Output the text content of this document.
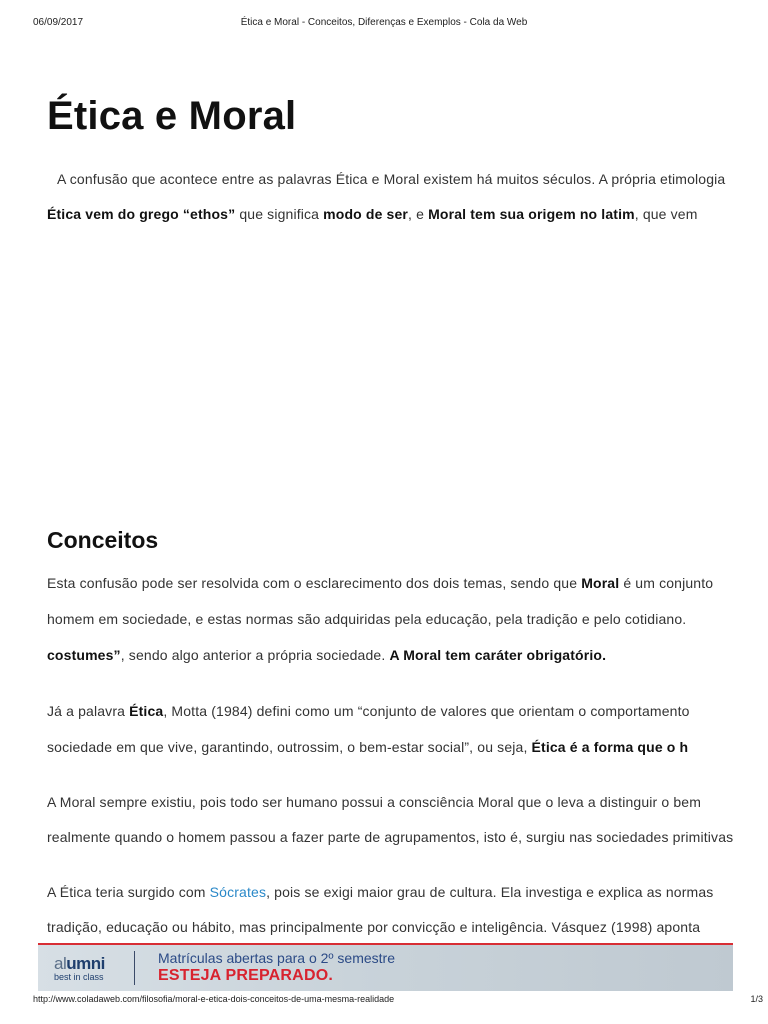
06/09/2017	Ética e Moral - Conceitos, Diferenças e Exemplos - Cola da Web
Ética e Moral

A confusão que acontece entre as palavras Ética e Moral existem há muitos séculos. A própria etimologia

Ética vem do grego “ethos” que significa modo de ser, e Moral tem sua origem no latim, que vem

Conceitos

Esta confusão pode ser resolvida com o esclarecimento dos dois temas, sendo que Moral é um conjunto

homem em sociedade, e estas normas são adquiridas pela educação, pela tradição e pelo cotidiano.

costumes”, sendo algo anterior a própria sociedade. A Moral tem caráter obrigatório.

Já a palavra Ética, Motta (1984) defini como um “conjunto de valores que orientam o comportamento

sociedade em que vive, garantindo, outrossim, o bem-estar social”, ou seja, Ética é a forma que o h

A Moral sempre existiu, pois todo ser humano possui a consciência Moral que o leva a distinguir o bem

realmente quando o homem passou a fazer parte de agrupamentos, isto é, surgiu nas sociedades primitivas

A Ética teria surgido com Sócrates, pois se exigi maior grau de cultura. Ela investiga e explica as normas

tradição, educação ou hábito, mas principalmente por convicção e inteligência. Vásquez (1998) aponta

alumni
best in class
Matrículas abertas para o 2º semestre
ESTEJA PREPARADO.
http://www.coladaweb.com/filosofia/moral-e-etica-dois-conceitos-de-uma-mesma-realidade	1/3
